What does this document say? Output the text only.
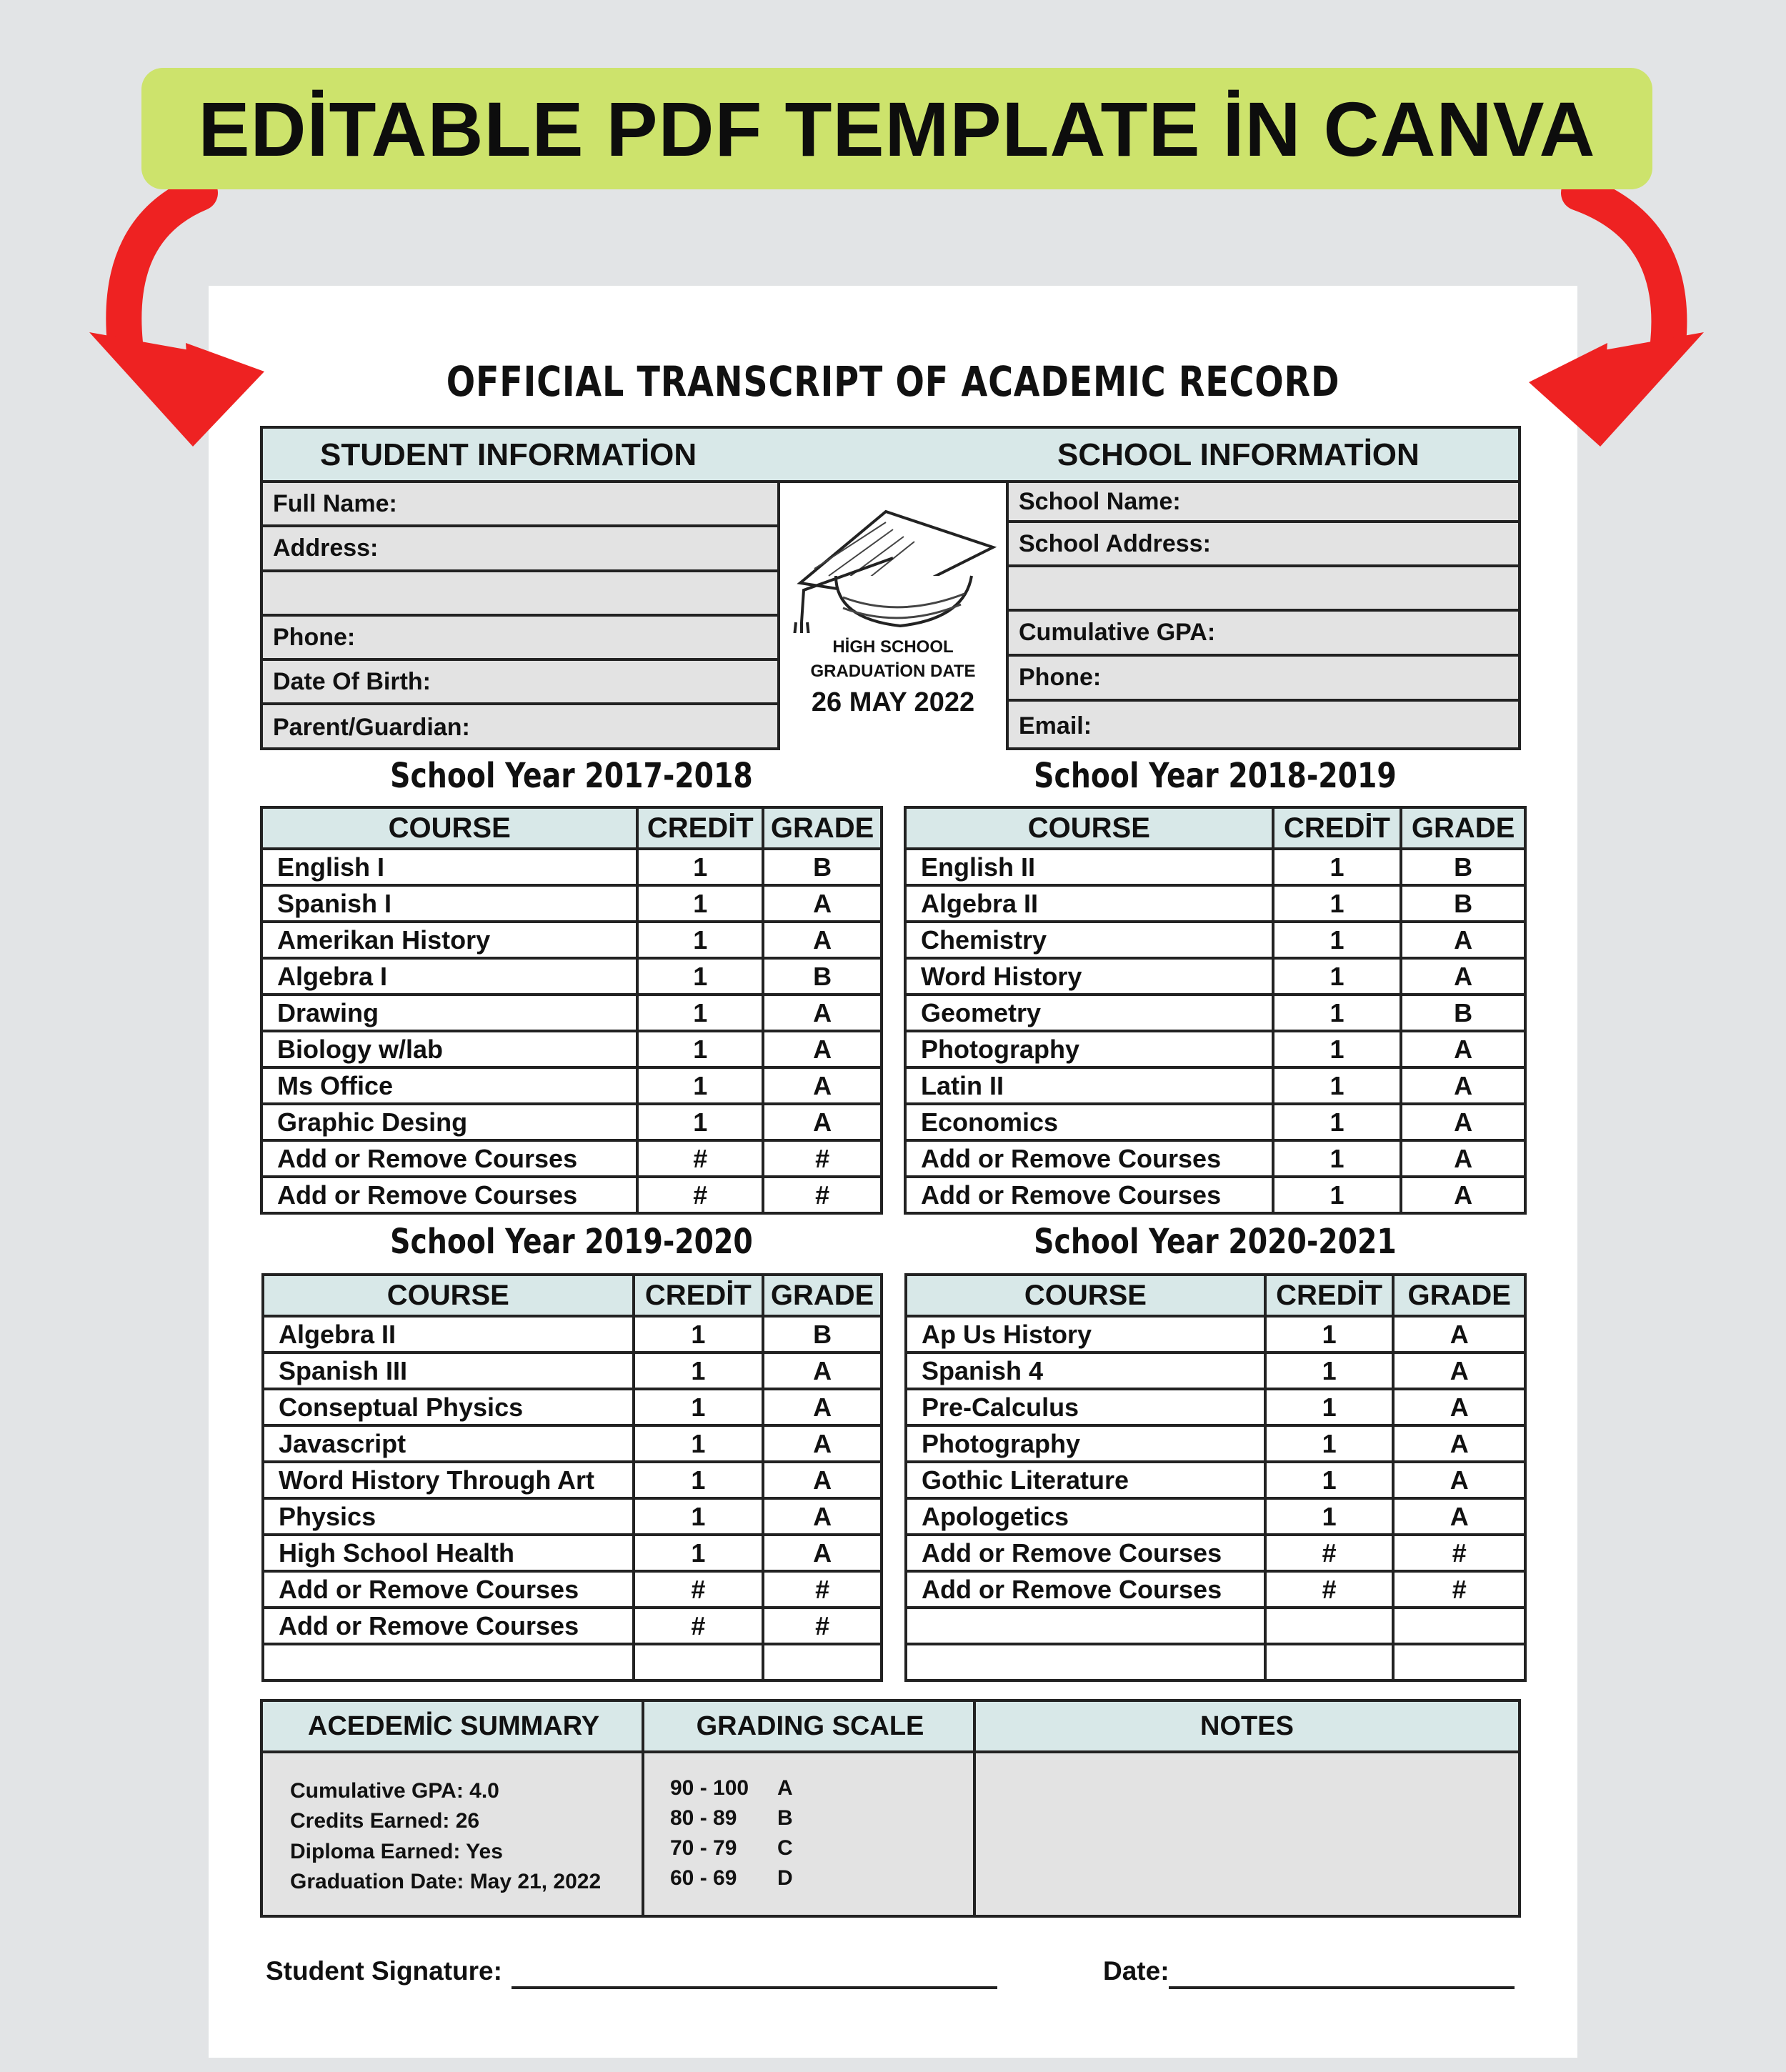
EDİTABLE PDF TEMPLATE İN CANVA
OFFICIAL TRANSCRIPT OF ACADEMIC RECORD
STUDENT INFORMATİON	SCHOOL INFORMATİON
Full Name:
Address:
Phone:
Date Of Birth:
Parent/Guardian:
School Name:
School Address:
Cumulative GPA:
Phone:
Email:
HİGH SCHOOL
GRADUATİON DATE
26 MAY 2022
School Year 2017-2018	School Year 2018-2019
School Year 2019-2020	School Year 2020-2021
COURSE	CREDİT	GRADE
English I	1	B
Spanish I	1	A
Amerikan History	1	A
Algebra I	1	B
Drawing	1	A
Biology w/lab	1	A
Ms Office	1	A
Graphic Desing	1	A
Add or Remove Courses	#	#
Add or Remove Courses	#	#
COURSE	CREDİT	GRADE
English II	1	B
Algebra II	1	B
Chemistry	1	A
Word History	1	A
Geometry	1	B
Photography	1	A
Latin II	1	A
Economics	1	A
Add or Remove Courses	1	A
Add or Remove Courses	1	A
COURSE	CREDİT	GRADE
Algebra II	1	B
Spanish III	1	A
Conseptual Physics	1	A
Javascript	1	A
Word History Through Art	1	A
Physics	1	A
High School Health	1	A
Add or Remove Courses	#	#
Add or Remove Courses	#	#

COURSE	CREDİT	GRADE
Ap Us History	1	A
Spanish 4	1	A
Pre-Calculus	1	A
Photography	1	A
Gothic Literature	1	A
Apologetics	1	A
Add or Remove Courses	#	#
Add or Remove Courses	#	#

ACEDEMİC SUMMARY	GRADING SCALE	NOTES
Cumulative GPA: 4.0
Credits Earned: 26
Diploma Earned: Yes
Graduation Date: May 21, 2022
90 - 100 A
80 - 89 B
70 - 79 C
60 - 69 D
Student Signature:	Date:
